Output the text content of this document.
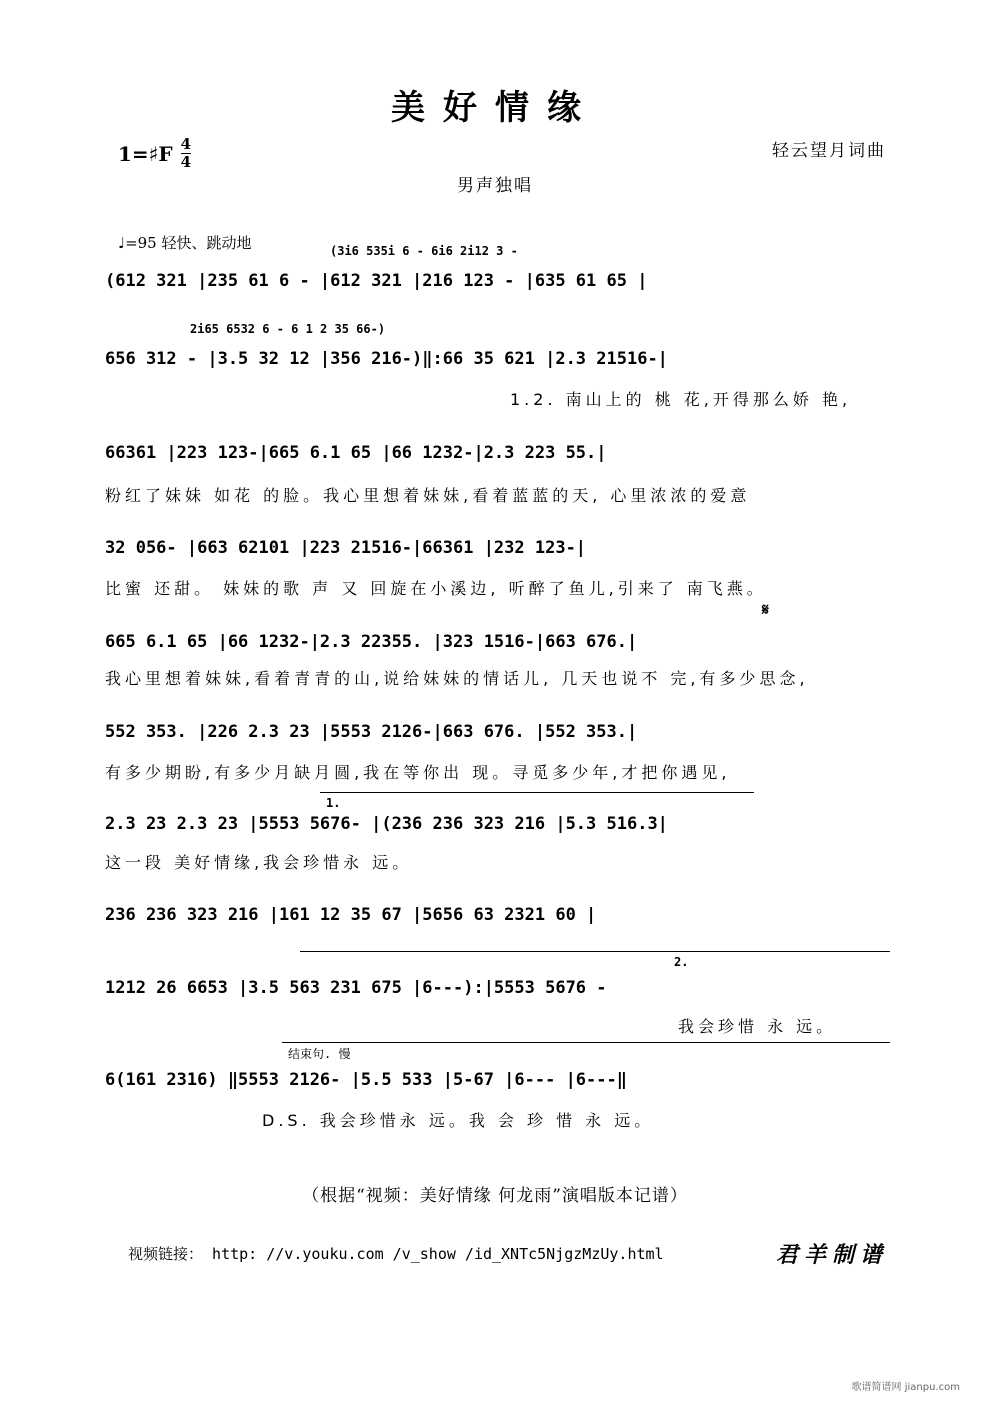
美好情缘
1=♯F 4
4
轻云望月词曲
男声独唱
♩=95 轻快、跳动地	(3i6 535i 6 - 6i6 2i12 3 -
(612 321 |235 61 6 - |612 321 |216 123 - |635 61 65 |
2i65 6532 6 - 6 1 2 35 66-)
656 312 - |3.5 32 12 |356 216-)‖:66 35 621 |2.3 21516-|
1.2. 南山上的 桃 花,开得那么娇 艳,
66361 |223 123-|665 6.1 65 |66 1232-|2.3 223 55.|
粉红了妹妹 如花 的脸。我心里想着妹妹,看着蓝蓝的天, 心里浓浓的爱意
32 056- |663 62101 |223 21516-|66361 |232 123-|
比蜜 还甜。 妹妹的歌 声 又 回旋在小溪边, 听醉了鱼儿,引来了 南飞燕。
𝄋
665 6.1 65 |66 1232-|2.3 22355. |323 1516-|663 676.|
我心里想着妹妹,看着青青的山,说给妹妹的情话儿, 几天也说不 完,有多少思念,
552 353. |226 2.3 23 |5553 2126-|663 676. |552 353.|
有多少期盼,有多少月缺月圆,我在等你出 现。寻觅多少年,才把你遇见,
1.
2.3 23 2.3 23 |5553 5676- |(236 236 323 216 |5.3 516.3|
这一段 美好情缘,我会珍惜永 远。
236 236 323 216 |161 12 35 67 |5656 63 2321 60 |
2.
1212 26 6653 |3.5 563 231 675 |6---):|5553 5676 -
我会珍惜 永 远。
结束句. 慢
6(161 2316) ‖5553 2126- |5.5 533 |5-67 |6--- |6---‖
D.S. 我会珍惜永 远。我 会 珍 惜 永 远。
（根据“视频：美好情缘 何龙雨”演唱版本记谱）
视频链接： http: //v.youku.com /v_show /id_XNTc5NjgzMzUy.html	君羊制谱
歌谱简谱网 jianpu.com
